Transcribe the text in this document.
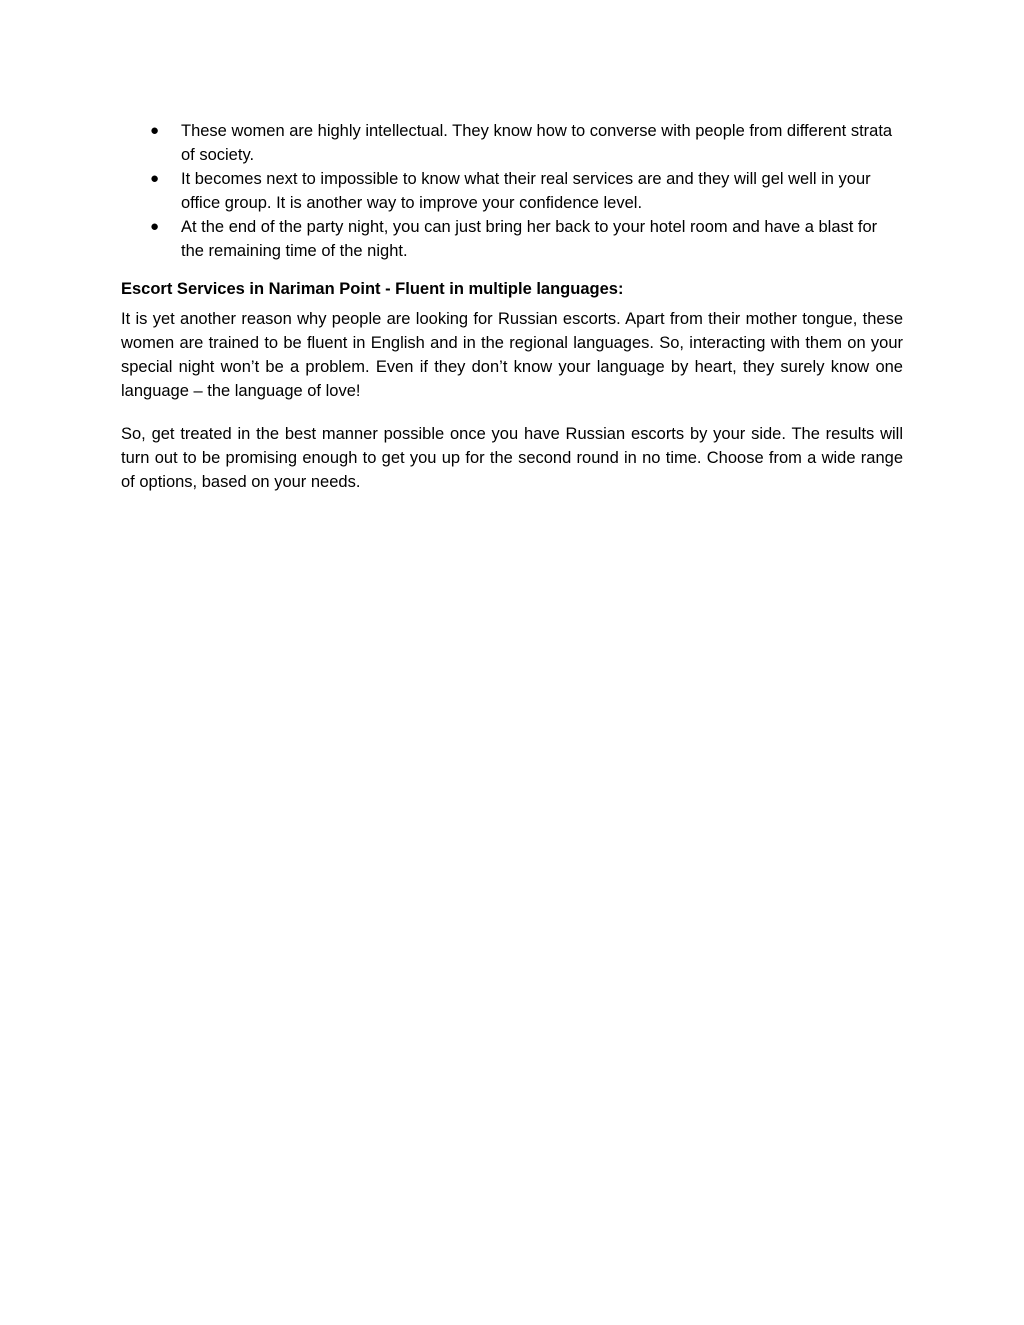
● These women are highly intellectual. They know how to converse with people from different strata of society.
● It becomes next to impossible to know what their real services are and they will gel well in your office group. It is another way to improve your confidence level.
● At the end of the party night, you can just bring her back to your hotel room and have a blast for the remaining time of the night.
Escort Services in Nariman Point - Fluent in multiple languages:

It is yet another reason why people are looking for Russian escorts. Apart from their mother tongue, these women are trained to be fluent in English and in the regional languages. So, interacting with them on your special night won’t be a problem. Even if they don’t know your language by heart, they surely know one language – the language of love!

So, get treated in the best manner possible once you have Russian escorts by your side. The results will turn out to be promising enough to get you up for the second round in no time. Choose from a wide range of options, based on your needs.
